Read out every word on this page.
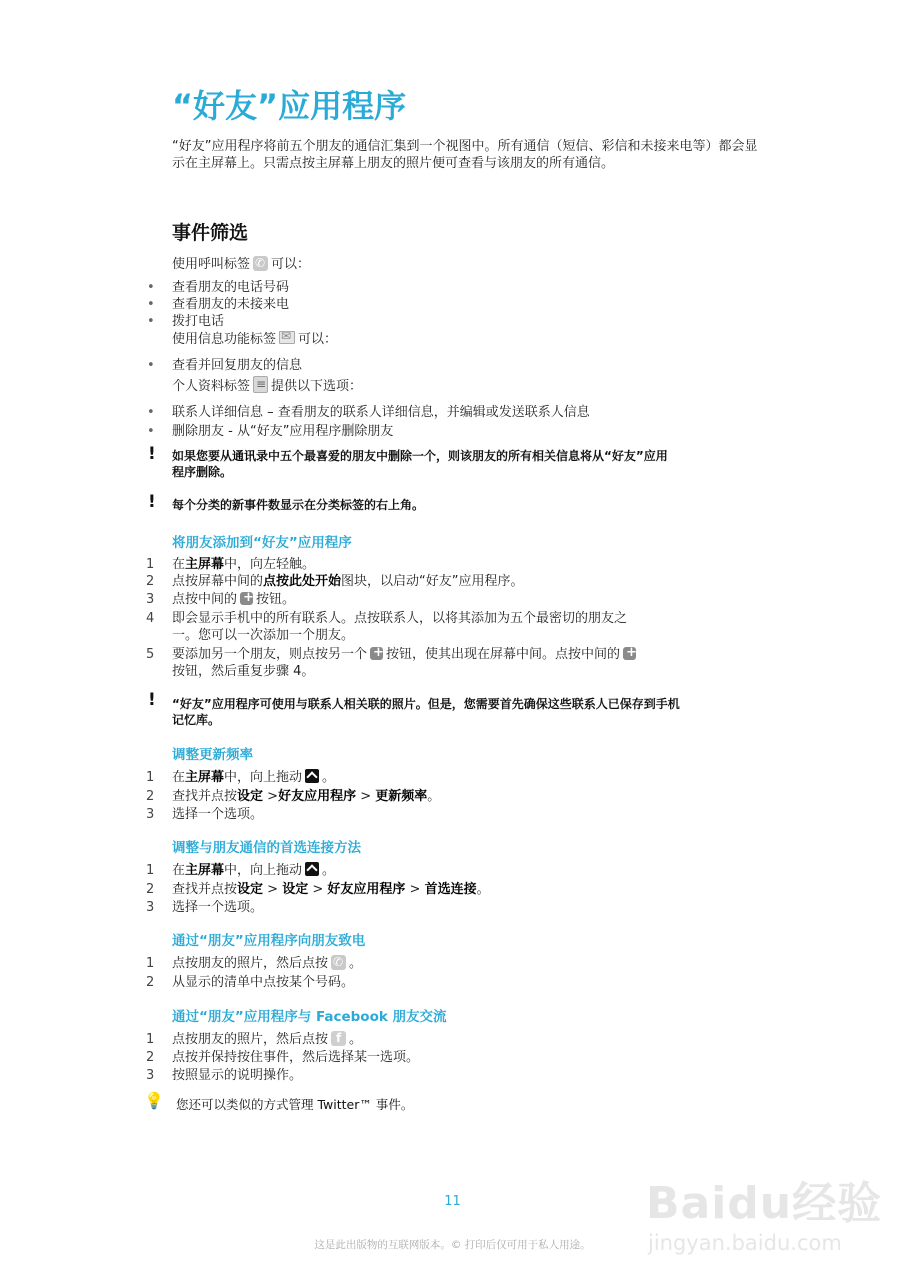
“好友”应用程序
“好友”应用程序将前五个朋友的通信汇集到一个视图中。所有通信（短信、彩信和未接来电等）都会显示在主屏幕上。只需点按主屏幕上朋友的照片便可查看与该朋友的所有通信。
事件筛选
使用呼叫标签 ✆ 可以：
• 查看朋友的电话号码
• 查看朋友的未接来电
• 拨打电话
使用信息功能标签 ✉ 可以：
• 查看并回复朋友的信息
个人资料标签 ≡ 提供以下选项：
• 联系人详细信息 – 查看朋友的联系人详细信息，并编辑或发送联系人信息
• 删除朋友 - 从“好友”应用程序删除朋友
! 如果您要从通讯录中五个最喜爱的朋友中删除一个，则该朋友的所有相关信息将从“好友”应用
程序删除。
! 每个分类的新事件数显示在分类标签的右上角。
将朋友添加到“好友”应用程序
1 在主屏幕中，向左轻触。
2 点按屏幕中间的点按此处开始图块，以启动“好友”应用程序。
3 点按中间的 + 按钮。
4 即会显示手机中的所有联系人。点按联系人，以将其添加为五个最密切的朋友之
一。您可以一次添加一个朋友。
5 要添加另一个朋友，则点按另一个 + 按钮，使其出现在屏幕中间。点按中间的+
按钮，然后重复步骤 4。
! “好友”应用程序可使用与联系人相关联的照片。但是，您需要首先确保这些联系人已保存到手机
记忆库。
调整更新频率
1 在主屏幕中，向上拖动 。
2 查找并点按设定 >好友应用程序 > 更新频率。
3 选择一个选项。
调整与朋友通信的首选连接方法
1 在主屏幕中，向上拖动 。
2 查找并点按设定 > 设定 > 好友应用程序 > 首选连接。
3 选择一个选项。
通过“朋友”应用程序向朋友致电
1 点按朋友的照片，然后点按 ✆ 。
2 从显示的清单中点按某个号码。
通过“朋友”应用程序与 Facebook 朋友交流
1 点按朋友的照片，然后点按 f 。
2 点按并保持按住事件，然后选择某一选项。
3 按照显示的说明操作。
💡 您还可以类似的方式管理 Twitter™ 事件。
11
这是此出版物的互联网版本。© 打印后仅可用于私人用途。
Baidu经验
jingyan.baidu.com
